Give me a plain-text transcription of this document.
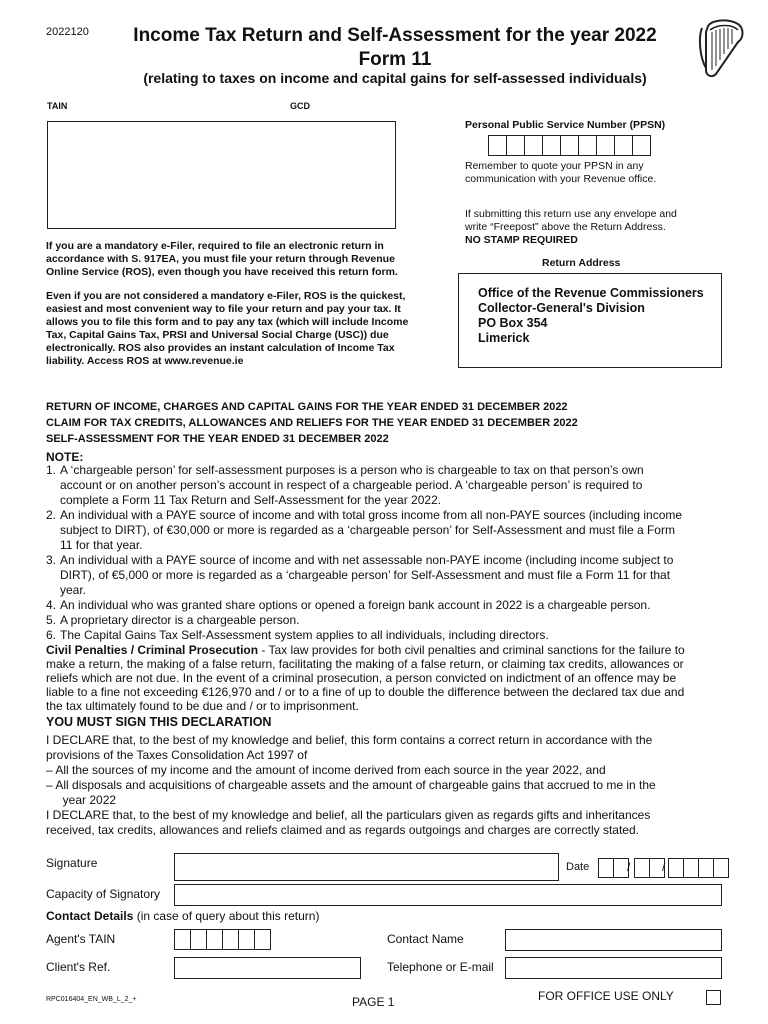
2022120	Income Tax Return and Self-Assessment for the year 2022
Form 11
(relating to taxes on income and capital gains for self-assessed individuals)
TAIN	GCD
Personal Public Service Number (PPSN)
Remember to quote your PPSN in any
communication with your Revenue office.
If submitting this return use any envelope and
write “Freepost” above the Return Address.
NO STAMP REQUIRED
Return Address
Office of the Revenue Commissioners
Collector-General's Division
PO Box 354
Limerick
If you are a mandatory e-Filer, required to file an electronic return in
accordance with S. 917EA, you must file your return through Revenue
Online Service (ROS), even though you have received this return form.
Even if you are not considered a mandatory e-Filer, ROS is the quickest,
easiest and most convenient way to file your return and pay your tax. It
allows you to file this form and to pay any tax (which will include Income
Tax, Capital Gains Tax, PRSI and Universal Social Charge (USC)) due
electronically. ROS also provides an instant calculation of Income Tax
liability. Access ROS at www.revenue.ie
RETURN OF INCOME, CHARGES AND CAPITAL GAINS FOR THE YEAR ENDED 31 DECEMBER 2022
CLAIM FOR TAX CREDITS, ALLOWANCES AND RELIEFS FOR THE YEAR ENDED 31 DECEMBER 2022
SELF-ASSESSMENT FOR THE YEAR ENDED 31 DECEMBER 2022
NOTE:
1. A ‘chargeable person’ for self-assessment purposes is a person who is chargeable to tax on that person’s own
account or on another person’s account in respect of a chargeable period. A ‘chargeable person’ is required to
complete a Form 11 Tax Return and Self-Assessment for the year 2022.
2. An individual with a PAYE source of income and with total gross income from all non-PAYE sources (including income
subject to DIRT), of €30,000 or more is regarded as a ‘chargeable person’ for Self-Assessment and must file a Form
11 for that year.
3. An individual with a PAYE source of income and with net assessable non-PAYE income (including income subject to
DIRT), of €5,000 or more is regarded as a ‘chargeable person’ for Self-Assessment and must file a Form 11 for that
year.
4. An individual who was granted share options or opened a foreign bank account in 2022 is a chargeable person.
5. A proprietary director is a chargeable person.
6. The Capital Gains Tax Self-Assessment system applies to all individuals, including directors.
Civil Penalties / Criminal Prosecution - Tax law provides for both civil penalties and criminal sanctions for the failure to
make a return, the making of a false return, facilitating the making of a false return, or claiming tax credits, allowances or
reliefs which are not due. In the event of a criminal prosecution, a person convicted on indictment of an offence may be
liable to a fine not exceeding €126,970 and / or to a fine of up to double the difference between the declared tax due and
the tax ultimately found to be due and / or to imprisonment.
YOU MUST SIGN THIS DECLARATION
I DECLARE that, to the best of my knowledge and belief, this form contains a correct return in accordance with the
provisions of the Taxes Consolidation Act 1997 of
– All the sources of my income and the amount of income derived from each source in the year 2022, and
– All disposals and acquisitions of chargeable assets and the amount of chargeable gains that accrued to me in the
year 2022
I DECLARE that, to the best of my knowledge and belief, all the particulars given as regards gifts and inheritances
received, tax credits, allowances and reliefs claimed and as regards outgoings and charges are correctly stated.
Signature	Date	/	/
Capacity of Signatory
Contact Details (in case of query about this return)
Agent's TAIN	Contact Name
Client's Ref.	Telephone or E-mail
RPC016404_EN_WB_L_2_+	PAGE 1	FOR OFFICE USE ONLY
